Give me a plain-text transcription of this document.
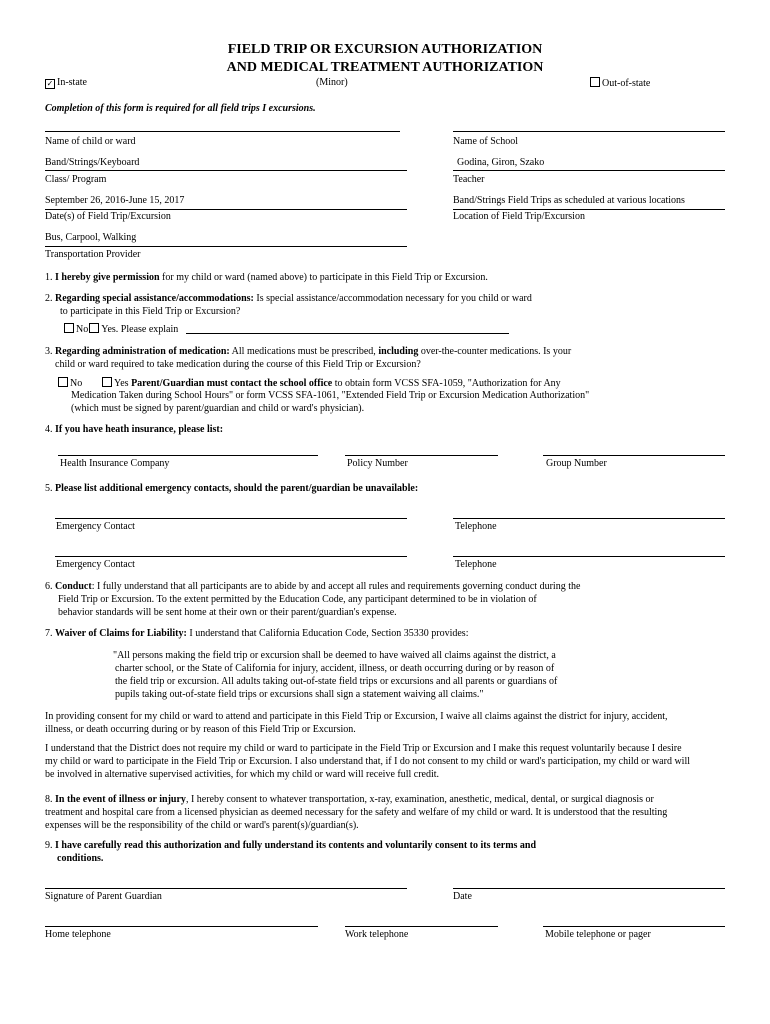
FIELD TRIP OR EXCURSION AUTHORIZATION
AND MEDICAL TREATMENT AUTHORIZATION
✓In-state	(Minor)	Out-of-state
Completion of this form is required for all field trips I excursions.
Name of child or ward	Name of School
Band/Strings/Keyboard	Godina, Giron, Szako
Class/ Program	Teacher
September 26, 2016-June 15, 2017	Band/Strings Field Trips as scheduled at various locations
Date(s) of Field Trip/Excursion	Location of Field Trip/Excursion
Bus, Carpool, Walking
Transportation Provider
1. I hereby give permission for my child or ward (named above) to participate in this Field Trip or Excursion.
2. Regarding special assistance/accommodations: Is special assistance/accommodation necessary for you child or ward
to participate in this Field Trip or Excursion?
No Yes. Please explain
3. Regarding administration of medication: All medications must be prescribed, including over-the-counter medications. Is your
child or ward required to take medication during the course of this Field Trip or Excursion?
No	Yes Parent/Guardian must contact the school office to obtain form VCSS SFA-1059, "Authorization for Any
Medication Taken during School Hours" or form VCSS SFA-1061, "Extended Field Trip or Excursion Medication Authorization"
(which must be signed by parent/guardian and child or ward's physician).
4. If you have heath insurance, please list:
Health Insurance Company	Policy Number	Group Number
5. Please list additional emergency contacts, should the parent/guardian be unavailable:
Emergency Contact	Telephone
Emergency Contact	Telephone
6. Conduct: I fully understand that all participants are to abide by and accept all rules and requirements governing conduct during the
Field Trip or Excursion. To the extent permitted by the Education Code, any participant determined to be in violation of
behavior standards will be sent home at their own or their parent/guardian's expense.
7. Waiver of Claims for Liability: I understand that California Education Code, Section 35330 provides:
"All persons making the field trip or excursion shall be deemed to have waived all claims against the district, a
charter school, or the State of California for injury, accident, illness, or death occurring during or by reason of
the field trip or excursion. All adults taking out-of-state field trips or excursions and all parents or guardians of
pupils taking out-of-state field trips or excursions shall sign a statement waiving all claims."
In providing consent for my child or ward to attend and participate in this Field Trip or Excursion, I waive all claims against the district for injury, accident,
illness, or death occurring during or by reason of this Field Trip or Excursion.
I understand that the District does not require my child or ward to participate in the Field Trip or Excursion and I make this request voluntarily because I desire
my child or ward to participate in the Field Trip or Excursion. I also understand that, if I do not consent to my child or ward's participation, my child or ward will
be involved in alternative supervised activities, for which my child or ward will receive full credit.
8. In the event of illness or injury, I hereby consent to whatever transportation, x-ray, examination, anesthetic, medical, dental, or surgical diagnosis or
treatment and hospital care from a licensed physician as deemed necessary for the safety and welfare of my child or ward. It is understood that the resulting
expenses will be the responsibility of the child or ward's parent(s)/guardian(s).
9. I have carefully read this authorization and fully understand its contents and voluntarily consent to its terms and
conditions.
Signature of Parent Guardian	Date
Home telephone	Work telephone	Mobile telephone or pager
